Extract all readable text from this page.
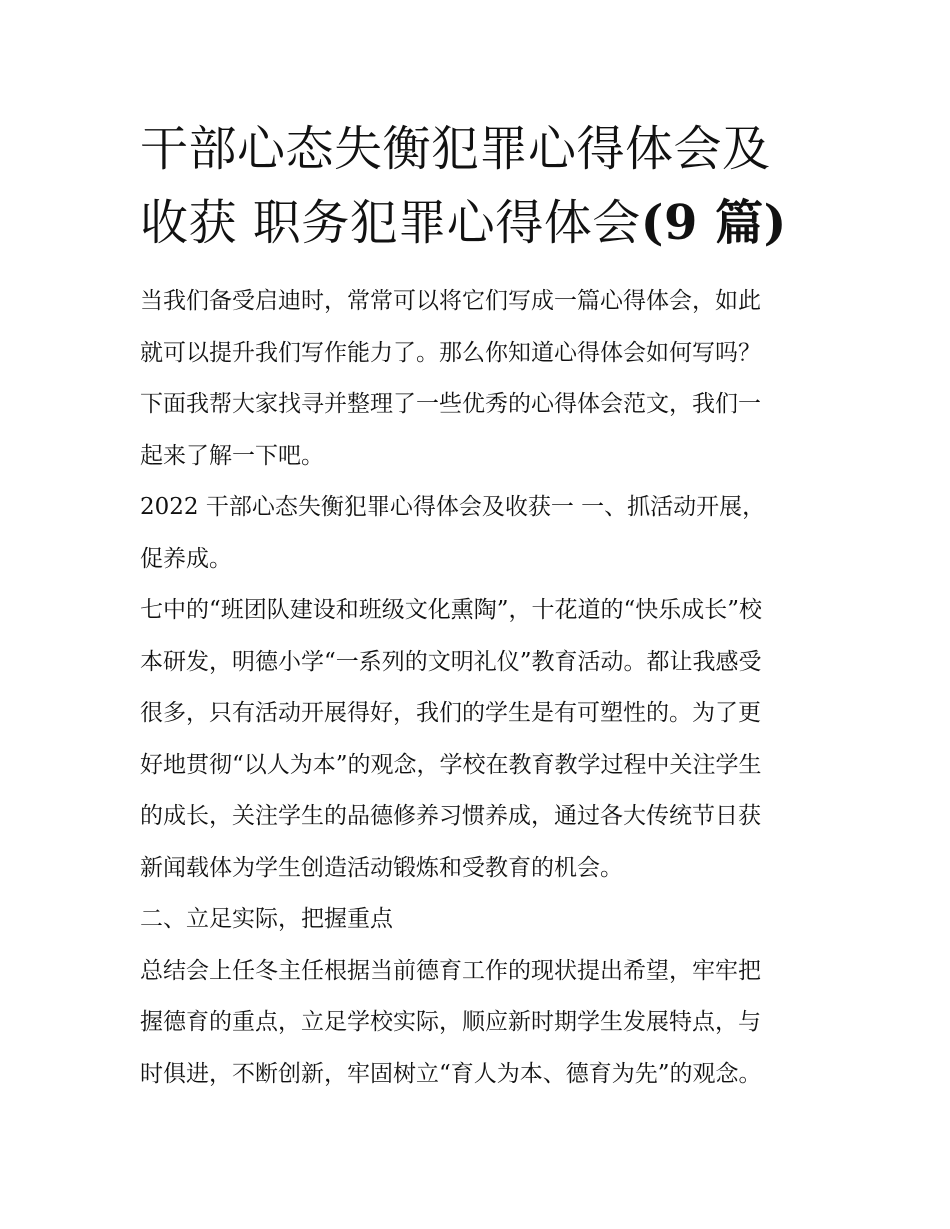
干部心态失衡犯罪心得体会及
收获 职务犯罪心得体会(9 篇)
当我们备受启迪时，常常可以将它们写成一篇心得体会，如此
就可以提升我们写作能力了。那么你知道心得体会如何写吗？
下面我帮大家找寻并整理了一些优秀的心得体会范文，我们一
起来了解一下吧。
2022 干部心态失衡犯罪心得体会及收获一 一、抓活动开展，
促养成。
七中的“班团队建设和班级文化熏陶”，十花道的“快乐成长”校
本研发，明德小学“一系列的文明礼仪”教育活动。都让我感受
很多，只有活动开展得好，我们的学生是有可塑性的。为了更
好地贯彻“以人为本”的观念，学校在教育教学过程中关注学生
的成长，关注学生的品德修养习惯养成，通过各大传统节日获
新闻载体为学生创造活动锻炼和受教育的机会。
二、立足实际，把握重点
总结会上任冬主任根据当前德育工作的现状提出希望，牢牢把
握德育的重点，立足学校实际，顺应新时期学生发展特点，与
时俱进，不断创新，牢固树立“育人为本、德育为先”的观念。
